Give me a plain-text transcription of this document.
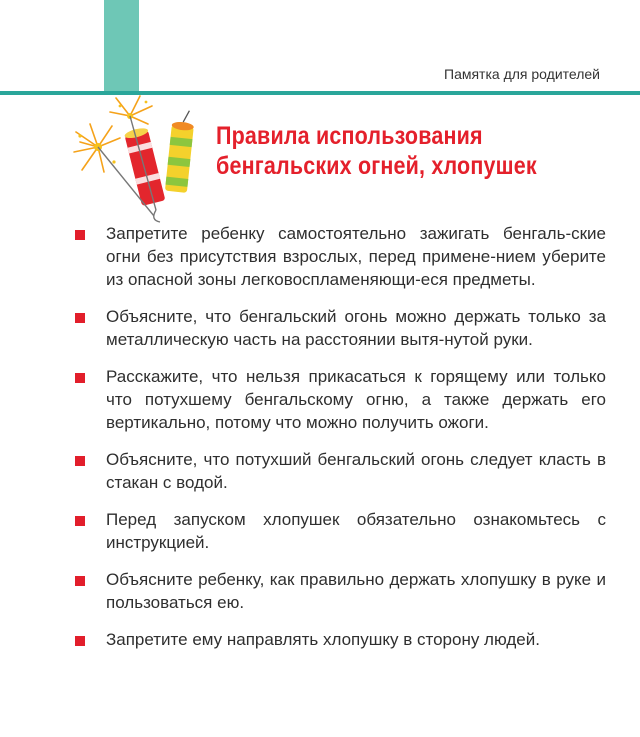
Памятка для родителей
Правила использования
бенгальских огней, хлопушек
Запретите ребенку самостоятельно зажигать бенгаль-ские огни без присутствия взрослых, перед примене-нием уберите из опасной зоны легковоспламеняющи-еся предметы.
Объясните, что бенгальский огонь можно держать только за металлическую часть на расстоянии вытя-нутой руки.
Расскажите, что нельзя прикасаться к горящему или только что потухшему бенгальскому огню, а также держать его вертикально, потому что можно получить ожоги.
Объясните, что потухший бенгальский огонь следует класть в стакан с водой.
Перед запуском хлопушек обязательно ознакомьтесь с инструкцией.
Объясните ребенку, как правильно держать хлопушку в руке и пользоваться ею.
Запретите ему направлять хлопушку в сторону людей.
